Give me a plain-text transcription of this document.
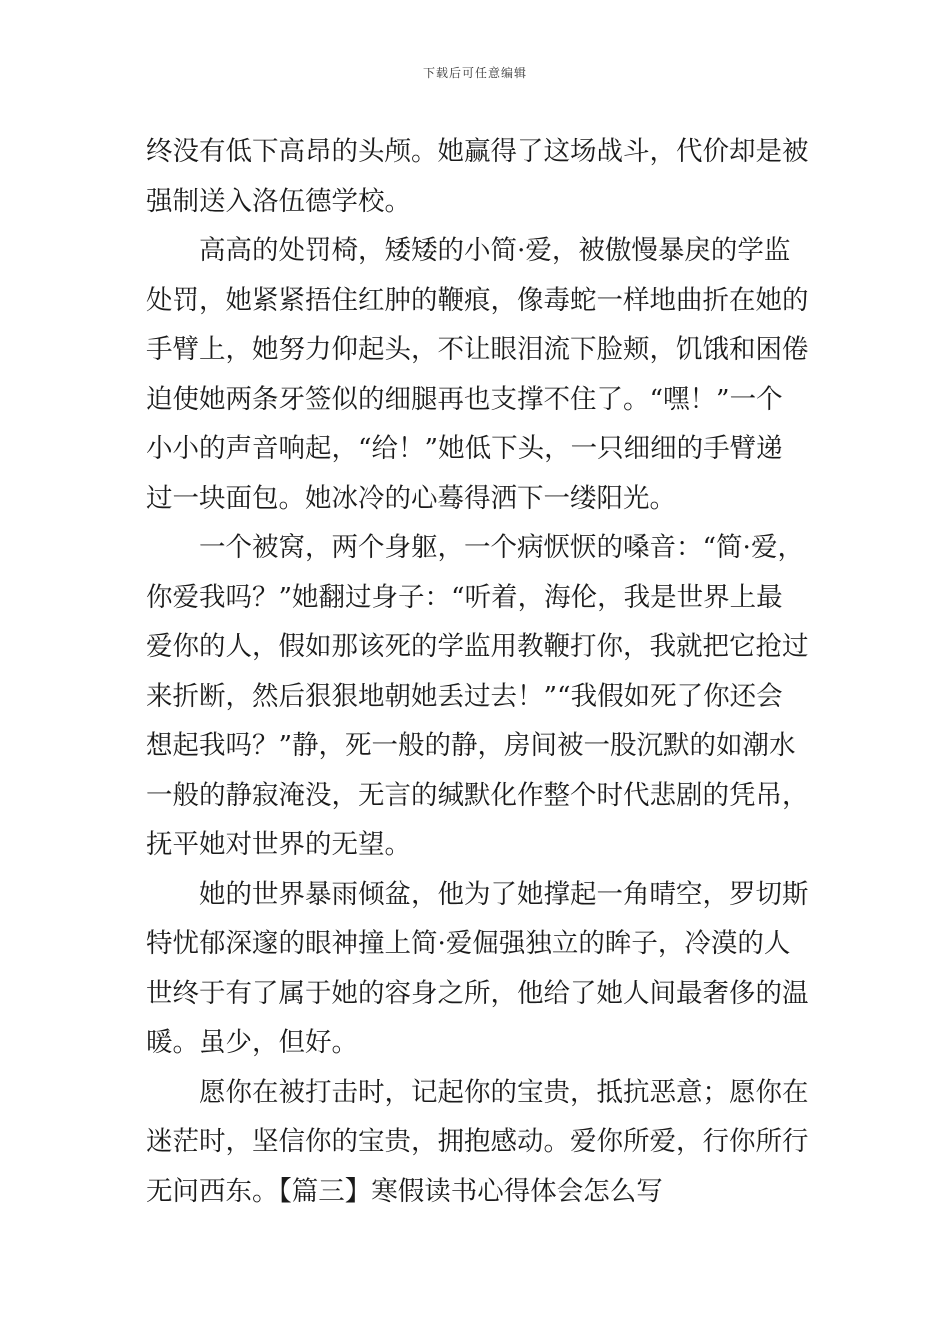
下载后可任意编辑
终没有低下高昂的头颅。她赢得了这场战斗，代价却是被
强制送入洛伍德学校。
高高的处罚椅，矮矮的小简·爱，被傲慢暴戾的学监
处罚，她紧紧捂住红肿的鞭痕，像毒蛇一样地曲折在她的
手臂上，她努力仰起头，不让眼泪流下脸颊，饥饿和困倦
迫使她两条牙签似的细腿再也支撑不住了。“嘿！”一个
小小的声音响起，“给！”她低下头，一只细细的手臂递
过一块面包。她冰冷的心蓦得洒下一缕阳光。
一个被窝，两个身躯，一个病恹恹的嗓音：“简·爱，
你爱我吗？”她翻过身子：“听着，海伦，我是世界上最
爱你的人，假如那该死的学监用教鞭打你，我就把它抢过
来折断，然后狠狠地朝她丢过去！”“我假如死了你还会
想起我吗？”静，死一般的静，房间被一股沉默的如潮水
一般的静寂淹没，无言的缄默化作整个时代悲剧的凭吊，
抚平她对世界的无望。
她的世界暴雨倾盆，他为了她撑起一角晴空，罗切斯
特忧郁深邃的眼神撞上简·爱倔强独立的眸子，冷漠的人
世终于有了属于她的容身之所，他给了她人间最奢侈的温
暖。虽少，但好。
愿你在被打击时，记起你的宝贵，抵抗恶意；愿你在
迷茫时，坚信你的宝贵，拥抱感动。爱你所爱，行你所行
无问西东。【篇三】寒假读书心得体会怎么写
